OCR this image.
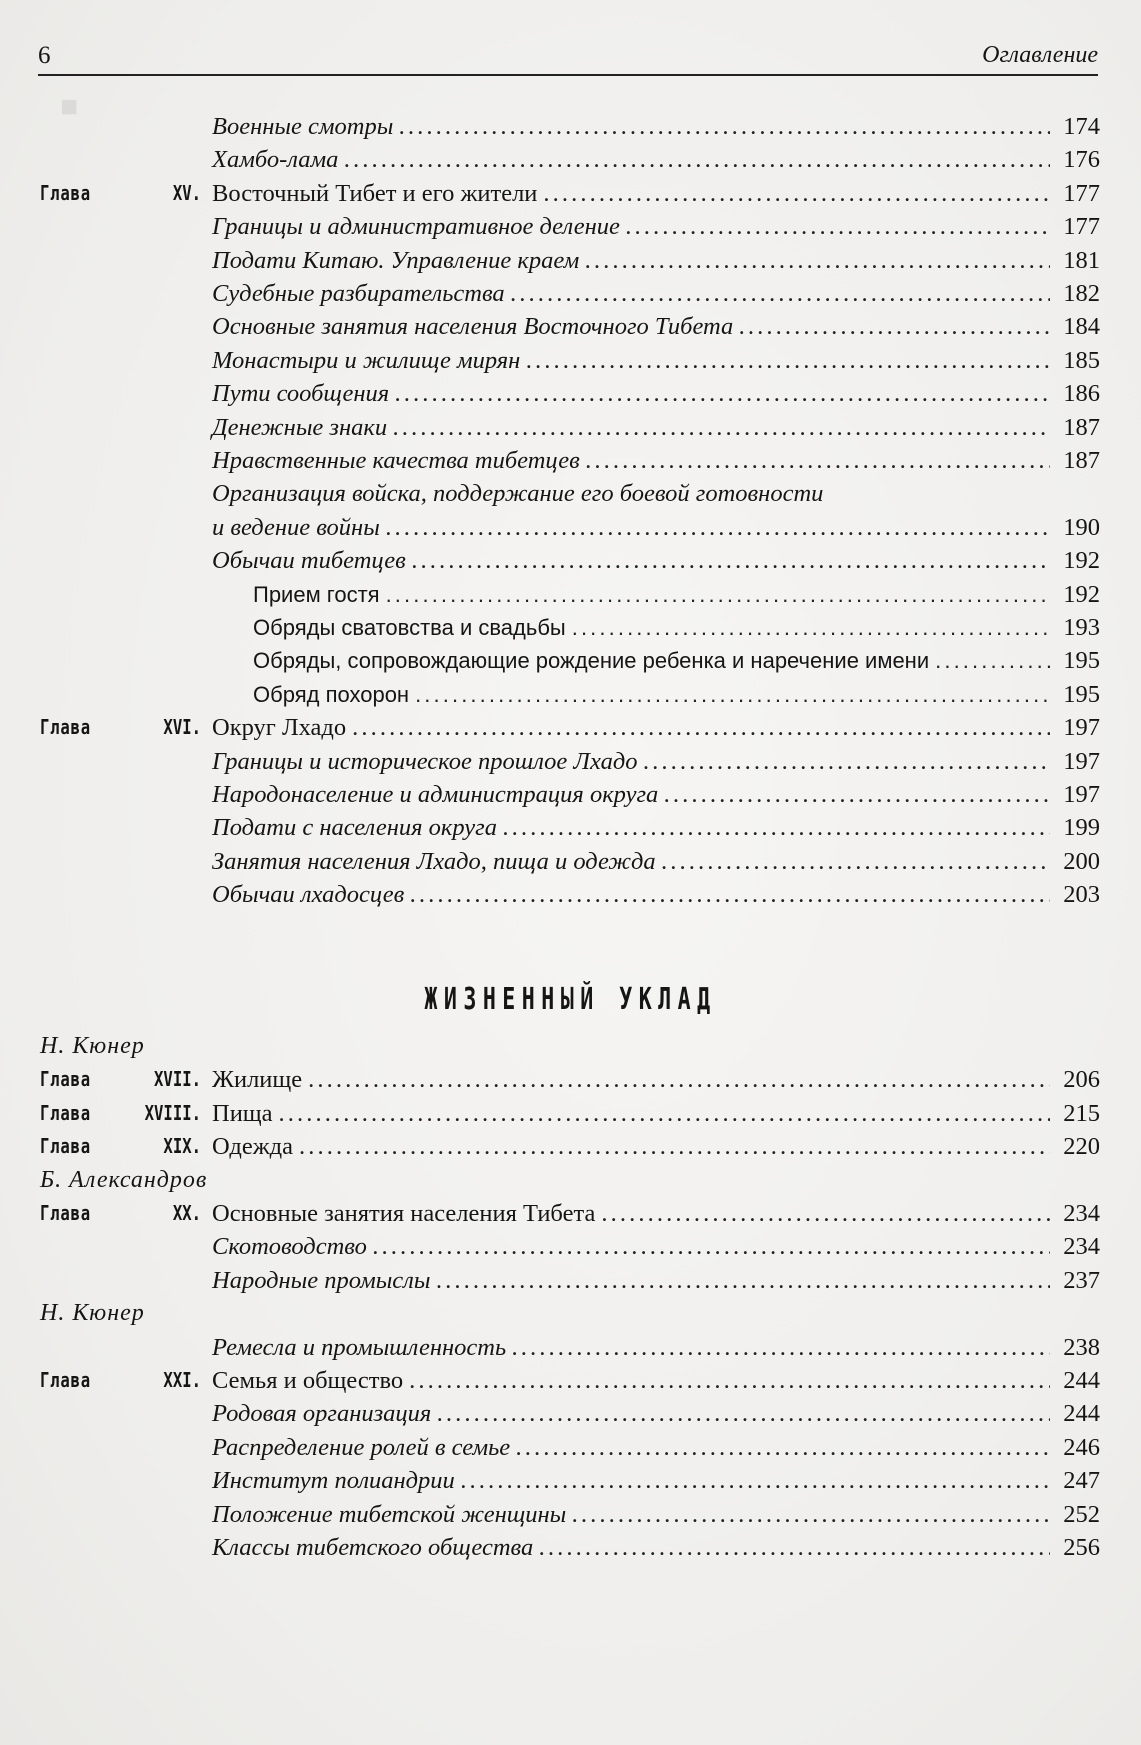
■
6	Оглавление
Военные смотры . . .	174
Хамбо-лама . . .	176
Глава	XV. Восточный Тибет и его жители . . .	177
Границы и административное деление . . .	177
Подати Китаю. Управление краем . . .	181
Судебные разбирательства . . .	182
Основные занятия населения Восточного Тибета . . .	184
Монастыри и жилище мирян . . .	185
Пути сообщения . . .	186
Денежные знаки . . .	187
Нравственные качества тибетцев . . .	187
Организация войска, поддержание его боевой готовности
и ведение войны . . .	190
Обычаи тибетцев . . .	192
Прием гостя . . .	192
Обряды сватовства и свадьбы . . .	193
Обряды, сопровождающие рождение ребенка и наречение имени . . .	195
Обряд похорон . . .	195
Глава	XVI. Округ Лхадо . . .	197
Границы и историческое прошлое Лхадо . . .	197
Народонаселение и администрация округа . . .	197
Подати с населения округа . . .	199
Занятия населения Лхадо, пища и одежда . . .	200
Обычаи лхадосцев . . .	203
Н. Кюнер
Глава	XVII. Жилище . . .	206
Глава	XVIII. Пища . . .	215
Глава	XIX. Одежда . . .	220
Б. Александров
Глава	XX. Основные занятия населения Тибета . . .	234
Скотоводство . . .	234
Народные промыслы . . .	237
Н. Кюнер
Ремесла и промышленность . . .	238
Глава	XXI. Семья и общество . . .	244
Родовая организация . . .	244
Распределение ролей в семье . . .	246
Институт полиандрии . . .	247
Положение тибетской женщины . . .	252
Классы тибетского общества . . .	256
ЖИЗНЕННЫЙ УКЛАД
